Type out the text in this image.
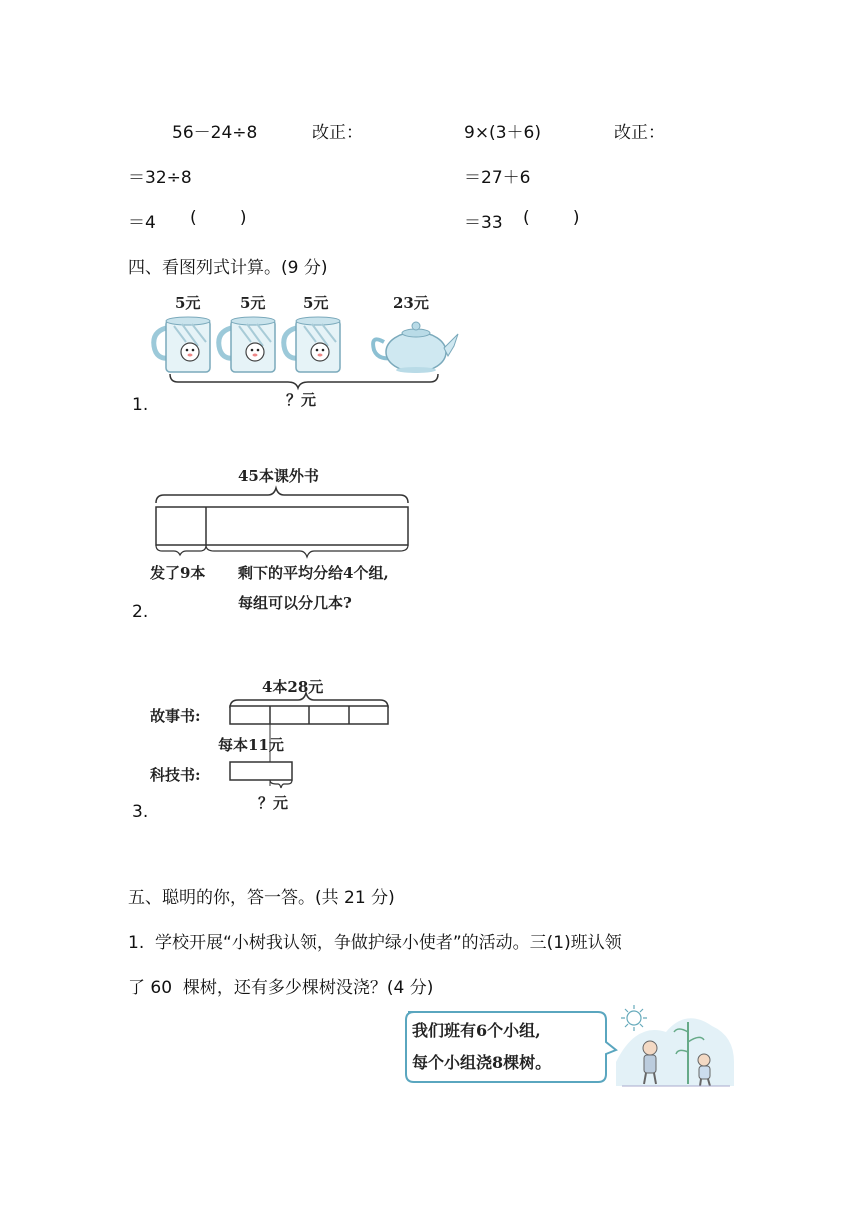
56－24÷8	改正：	9×(3＋6)	改正：
＝32÷8	＝27＋6
＝4 (        )	＝33 (        )
四、看图列式计算。(9 分)
5元	5元	5元	23元
？元
1.
45本课外书
发了9本 剩下的平均分给4个组,
每组可以分几本?
2.
4本28元
故事书:
每本11元
科技书:
？元
3.
五、聪明的你，答一答。(共 21 分)
1.  学校开展“小树我认领，争做护绿小使者”的活动。三(1)班认领
了 60  棵树，还有多少棵树没浇？(4 分)
我们班有6个小组,
每个小组浇8棵树。
